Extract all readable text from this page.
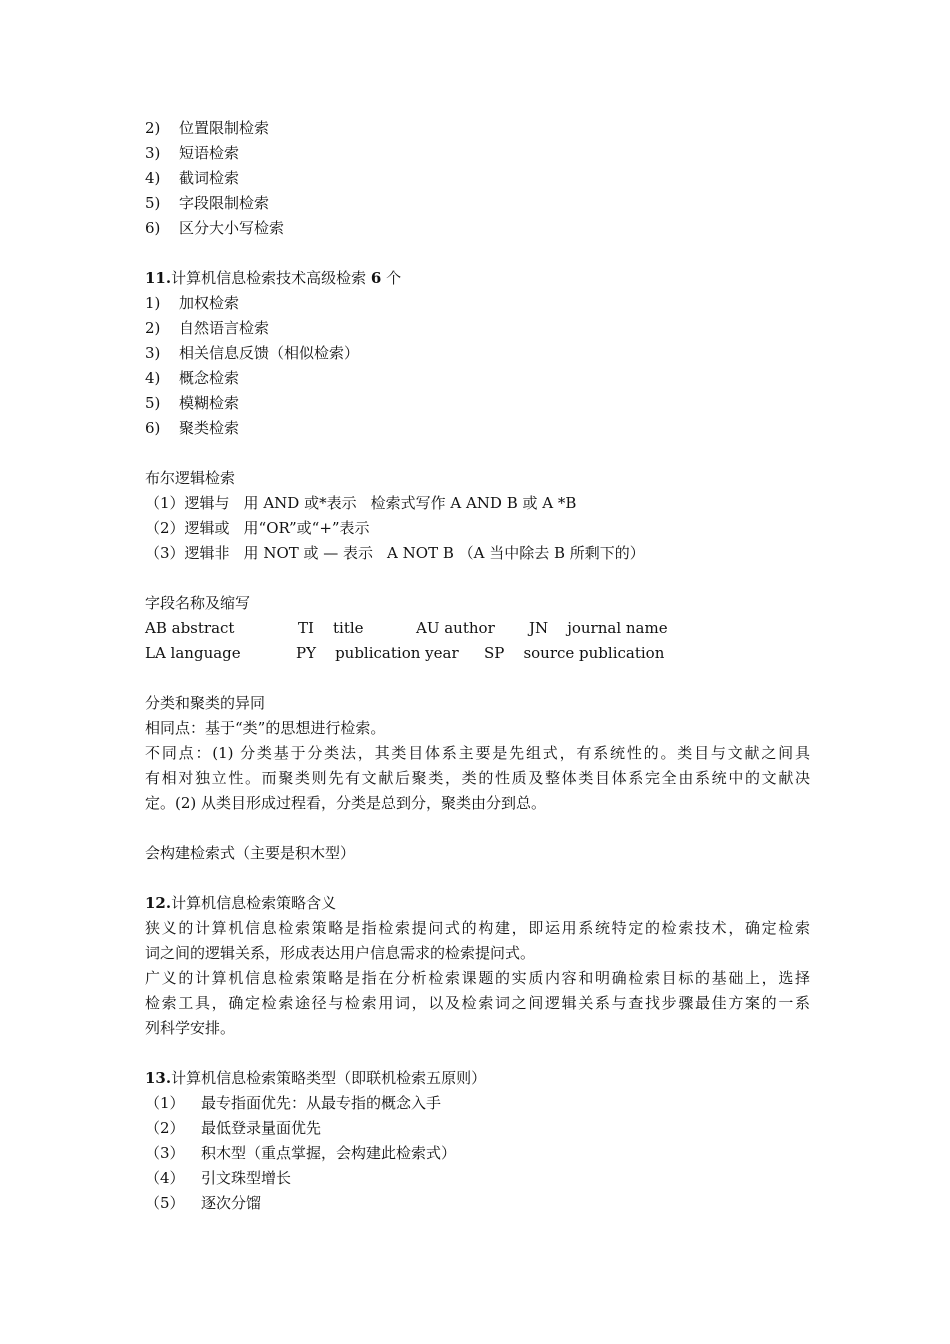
2) 位置限制检索
3) 短语检索
4) 截词检索
5) 字段限制检索
6) 区分大小写检索
11.计算机信息检索技术高级检索 6 个
1) 加权检索
2) 自然语言检索
3) 相关信息反馈（相似检索）
4) 概念检索
5) 模糊检索
6) 聚类检索
布尔逻辑检索
（1）逻辑与 用 AND 或*表示 检索式写作 A AND B 或 A *B
（2）逻辑或 用“OR”或“+”表示
（3）逻辑非 用 NOT 或 — 表示 A NOT B （A 当中除去 B 所剩下的）
字段名称及缩写
AB abstract	TI    title	AU author JN    journal name
LA language	PY    publication year SP    source publication
分类和聚类的异同
相同点：基于“类”的思想进行检索。
不同点：(1) 分类基于分类法，其类目体系主要是先组式，有系统性的。类目与文献之间具
有相对独立性。而聚类则先有文献后聚类，类的性质及整体类目体系完全由系统中的文献决
定。(2) 从类目形成过程看，分类是总到分，聚类由分到总。
会构建检索式（主要是积木型）
12.计算机信息检索策略含义
狭义的计算机信息检索策略是指检索提问式的构建，即运用系统特定的检索技术，确定检索
词之间的逻辑关系，形成表达用户信息需求的检索提问式。
广义的计算机信息检索策略是指在分析检索课题的实质内容和明确检索目标的基础上，选择
检索工具，确定检索途径与检索用词，以及检索词之间逻辑关系与查找步骤最佳方案的一系
列科学安排。
13.计算机信息检索策略类型（即联机检索五原则）
（1） 最专指面优先：从最专指的概念入手
（2） 最低登录量面优先
（3） 积木型（重点掌握，会构建此检索式）
（4） 引文珠型增长
（5） 逐次分馏
